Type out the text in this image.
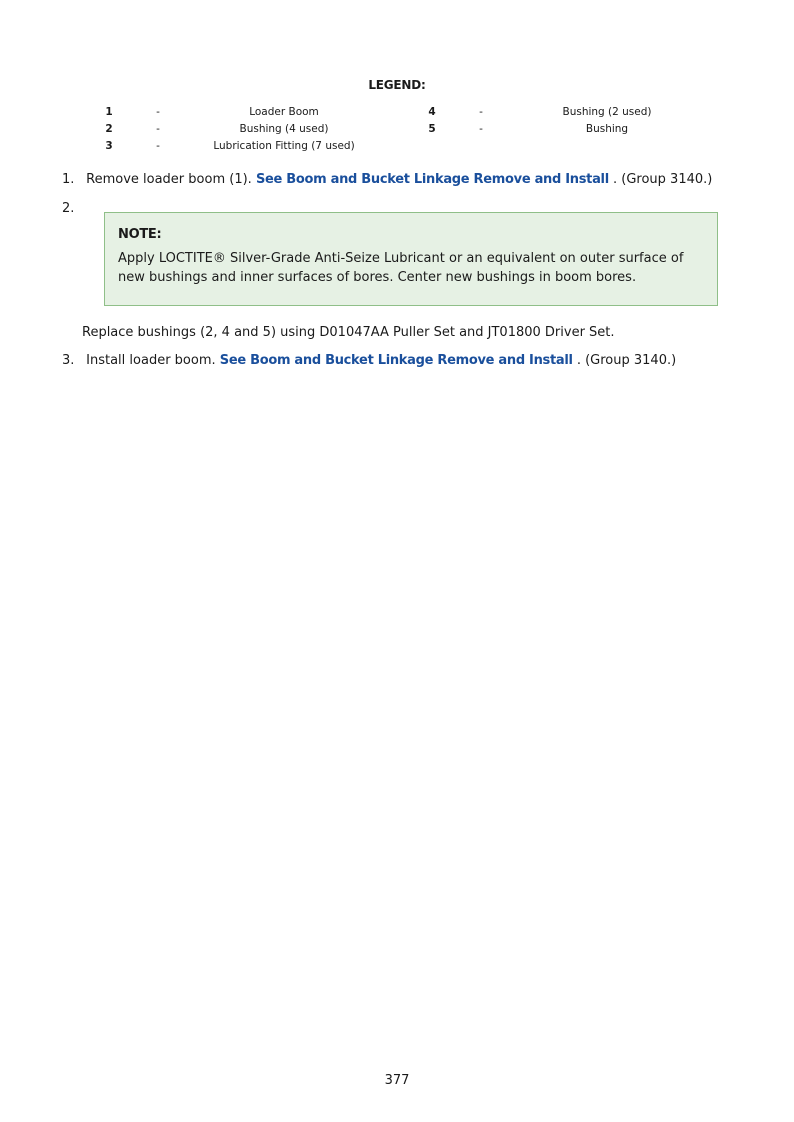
LEGEND:
1	-	Loader Boom	4	-	Bushing (2 used)
2	-	Bushing (4 used)	5	-	Bushing
3	-	Lubrication Fitting (7 used)
1. Remove loader boom (1). See Boom and Bucket Linkage Remove and Install . (Group 3140.)
2.
NOTE:
Apply LOCTITE® Silver-Grade Anti-Seize Lubricant or an equivalent on outer surface of new bushings and inner surfaces of bores. Center new bushings in boom bores.
Replace bushings (2, 4 and 5) using D01047AA Puller Set and JT01800 Driver Set.
3. Install loader boom. See Boom and Bucket Linkage Remove and Install . (Group 3140.)
377
